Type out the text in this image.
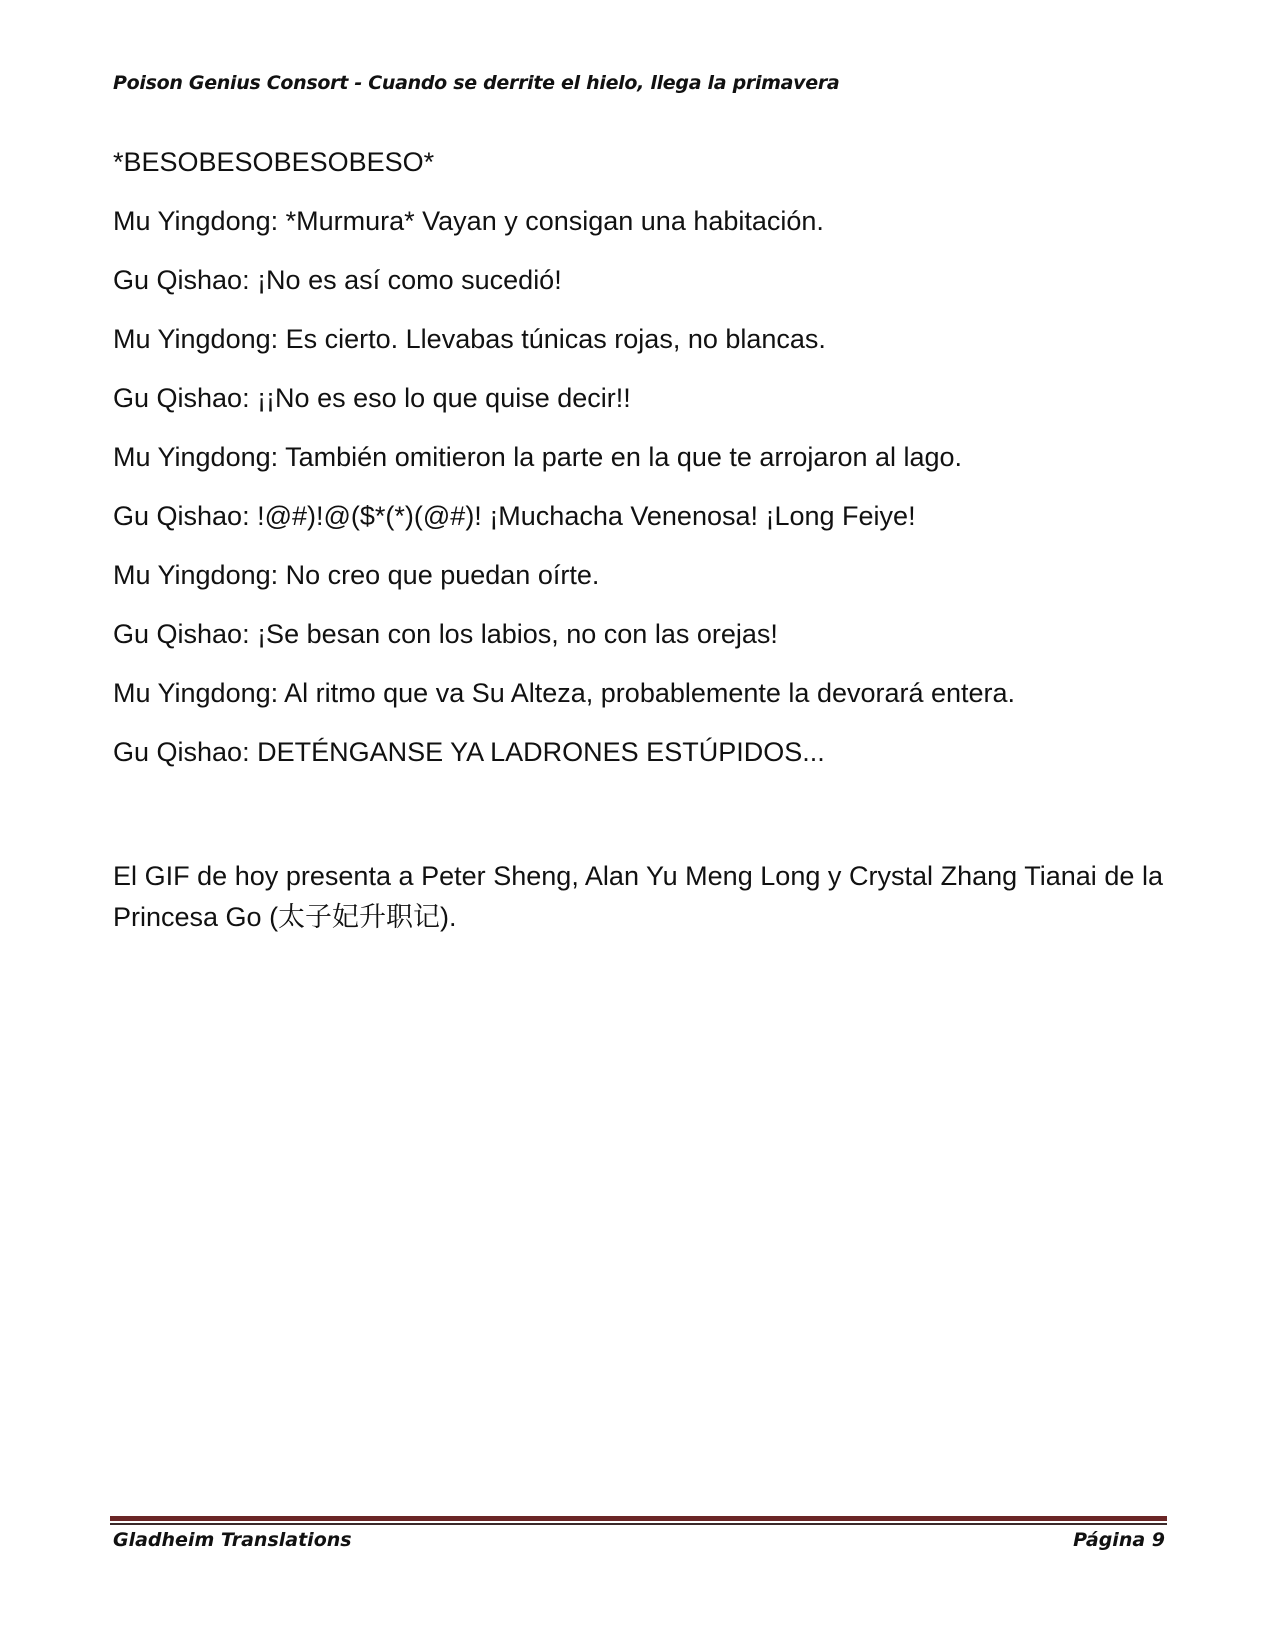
Poison Genius Consort - Cuando se derrite el hielo, llega la primavera

*BESOBESOBESOBESO*

Mu Yingdong: *Murmura* Vayan y consigan una habitación.

Gu Qishao: ¡No es así como sucedió!

Mu Yingdong: Es cierto. Llevabas túnicas rojas, no blancas.

Gu Qishao: ¡¡No es eso lo que quise decir!!

Mu Yingdong: También omitieron la parte en la que te arrojaron al lago.

Gu Qishao: !@#)!@($*(*)(@#)! ¡Muchacha Venenosa! ¡Long Feiye!

Mu Yingdong: No creo que puedan oírte.

Gu Qishao: ¡Se besan con los labios, no con las orejas!

Mu Yingdong: Al ritmo que va Su Alteza, probablemente la devorará entera.

Gu Qishao: DETÉNGANSE YA LADRONES ESTÚPIDOS...

El GIF de hoy presenta a Peter Sheng, Alan Yu Meng Long y Crystal Zhang Tianai de la Princesa Go (太子妃升职记).

Gladheim Translations	Página 9
